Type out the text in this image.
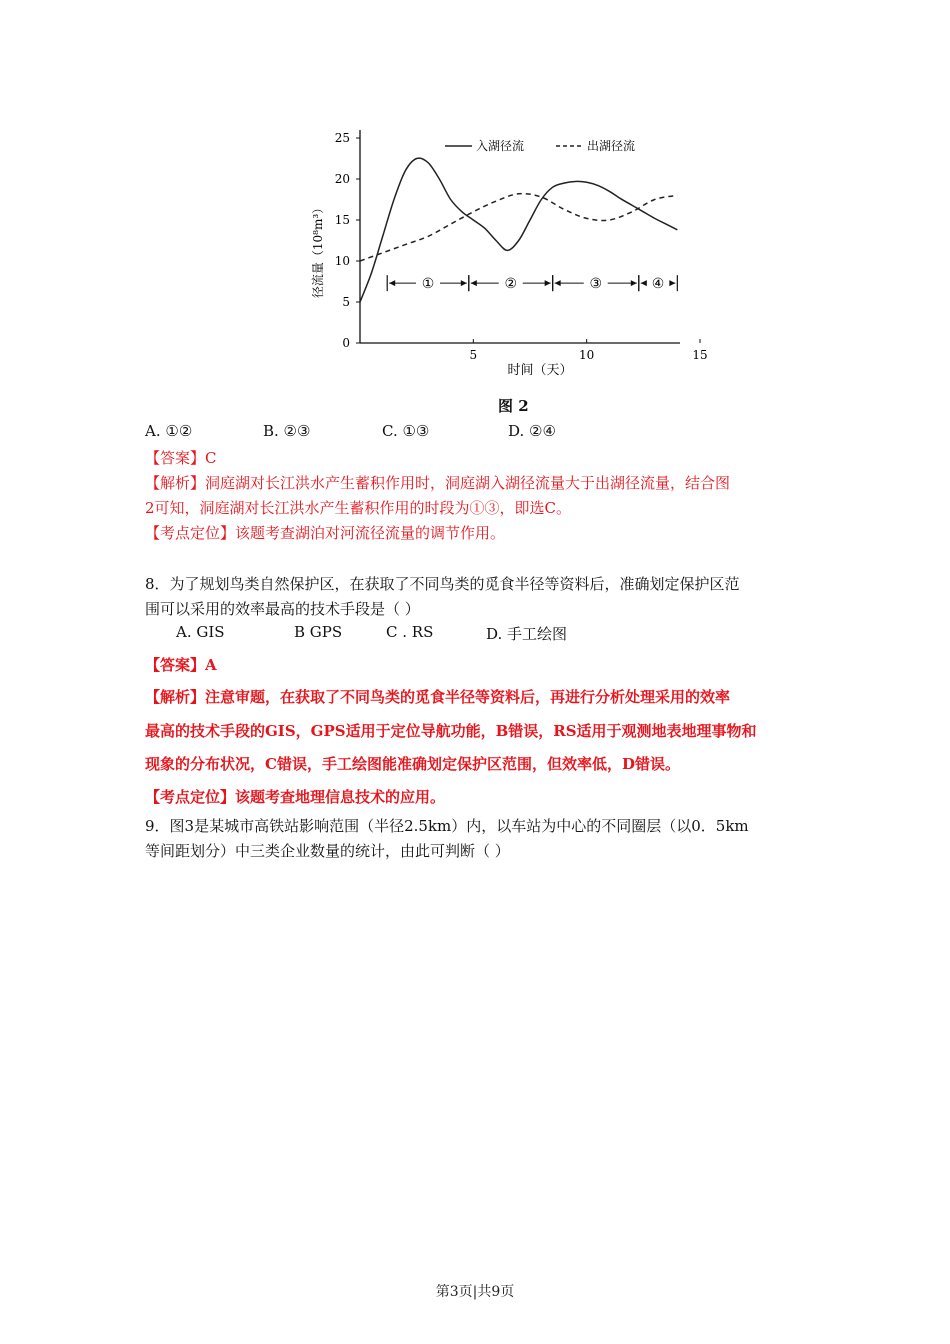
0
5
10
15
20
25
5	10	15
①	②	③	④
入湖径流	出湖径流
时间（天）
径流量（10⁸m³）
图 2
A. ①②	B. ②③	C. ①③	D. ②④
【答案】C
【解析】洞庭湖对长江洪水产生蓄积作用时，洞庭湖入湖径流量大于出湖径流量，结合图
2可知，洞庭湖对长江洪水产生蓄积作用的时段为①③，即选C。
【考点定位】该题考查湖泊对河流径流量的调节作用。
8．为了规划鸟类自然保护区，在获取了不同鸟类的觅食半径等资料后，准确划定保护区范
围可以采用的效率最高的技术手段是（ ）
A. GIS	B GPS	C . RS	D. 手工绘图
【答案】A
【解析】注意审题，在获取了不同鸟类的觅食半径等资料后，再进行分析处理采用的效率
最高的技术手段的GIS，GPS适用于定位导航功能，B错误，RS适用于观测地表地理事物和
现象的分布状况，C错误，手工绘图能准确划定保护区范围，但效率低，D错误。
【考点定位】该题考查地理信息技术的应用。
9．图3是某城市高铁站影响范围（半径2.5km）内，以车站为中心的不同圈层（以0．5km
等间距划分）中三类企业数量的统计，由此可判断（ ）
第3页|共9页
